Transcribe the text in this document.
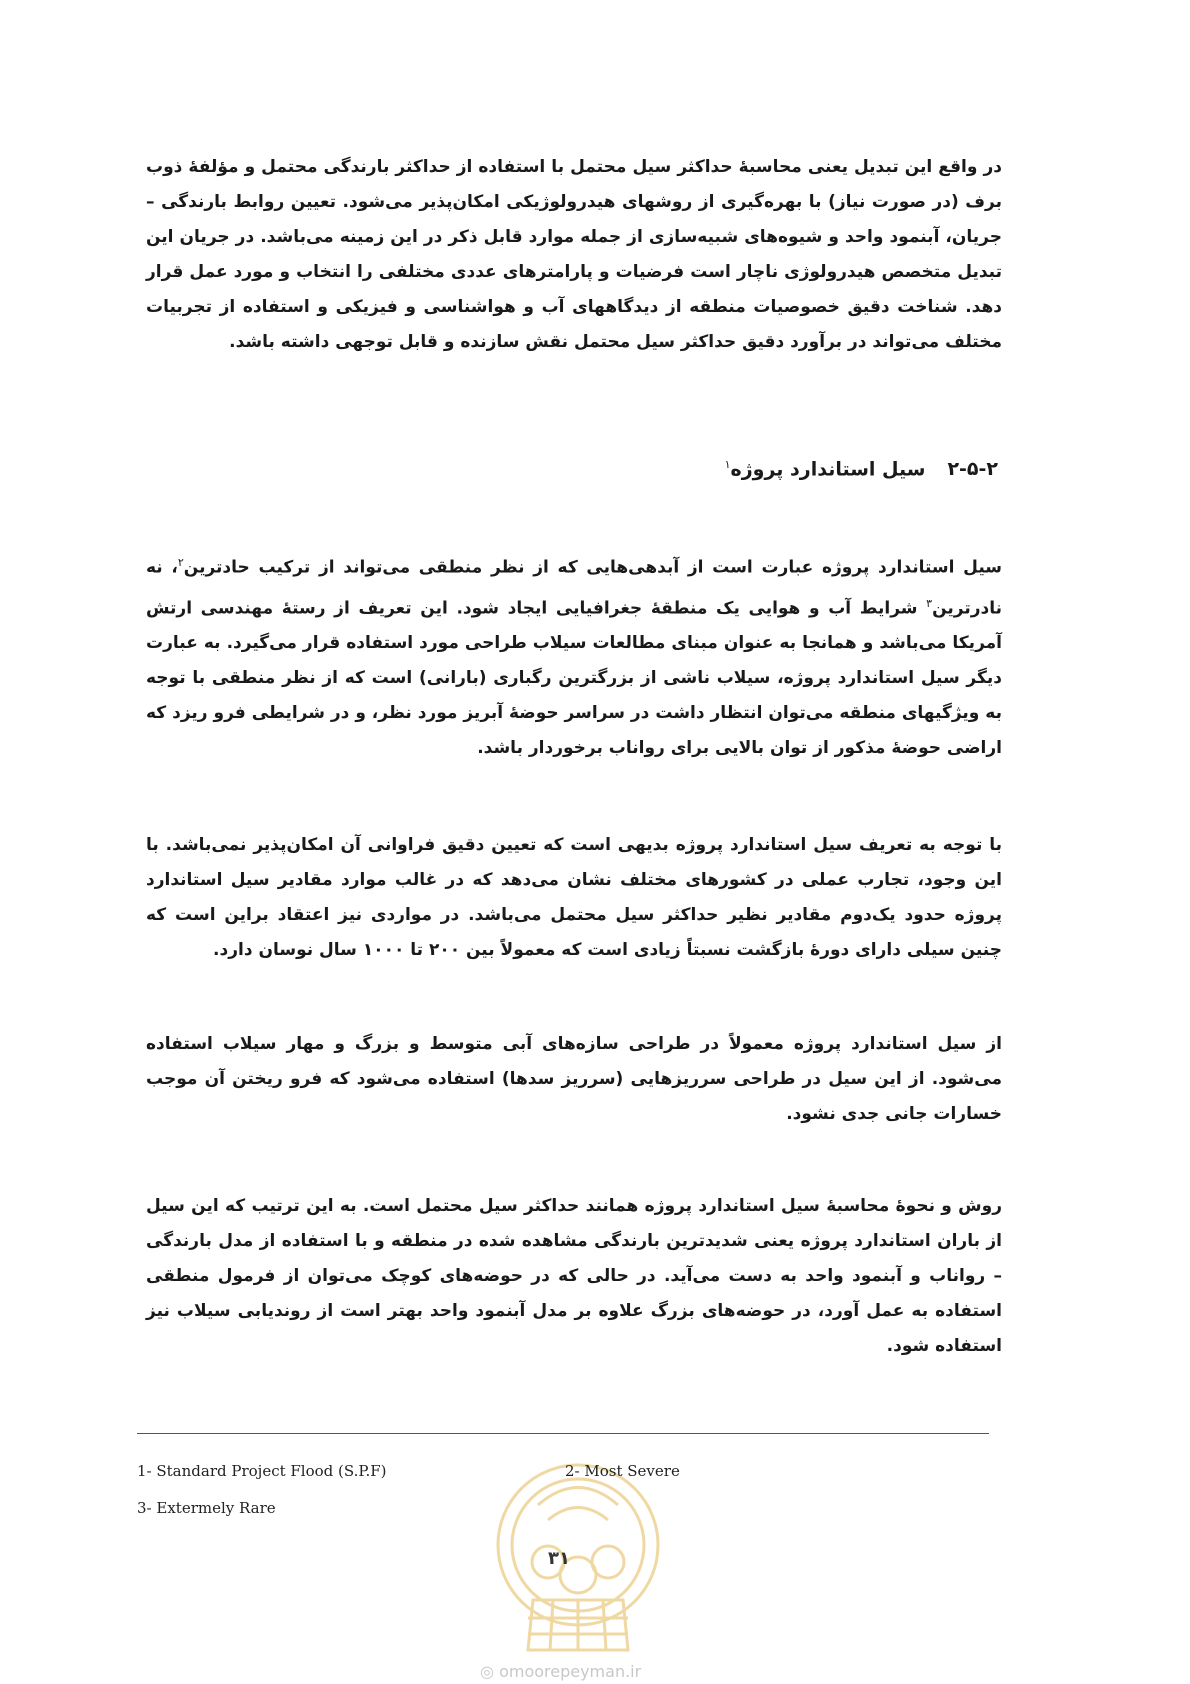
در واقع این تبدیل یعنی محاسبهٔ حداکثر سیل محتمل با استفاده از حداکثر بارندگی محتمل و مؤلفهٔ ذوب برف (در صورت نیاز) با بهره‌گیری از روشهای هیدرولوژیکی امکان‌پذیر می‌شود. تعیین روابط بارندگی – جریان، آبنمود واحد و شیوه‌های شبیه‌سازی از جمله موارد قابل ذکر در این زمینه می‌باشد. در جریان این تبدیل متخصص هیدرولوژی ناچار است فرضیات و پارامترهای عددی مختلفی را انتخاب و مورد عمل قرار دهد. شناخت دقیق خصوصیات منطقه از دیدگاههای آب و هواشناسی و فیزیکی و استفاده از تجربیات مختلف می‌تواند در برآورد دقیق حداکثر سیل محتمل نقش سازنده و قابل توجهی داشته باشد.

۲-۵-۲سیل استاندارد پروژه$^۱$

سیل استاندارد پروژه عبارت است از آبدهی‌هایی که از نظر منطقی می‌تواند از ترکیب حادترین$^۲$، نه نادرترین$^۳$ شرایط آب و هوایی یک منطقهٔ جغرافیایی ایجاد شود. این تعریف از رستهٔ مهندسی ارتش آمریکا می‌باشد و همانجا به عنوان مبنای مطالعات سیلاب طراحی مورد استفاده قرار می‌گیرد. به عبارت دیگر سیل استاندارد پروژه، سیلاب ناشی از بزرگترین رگباری (بارانی) است که از نظر منطقی با توجه به ویژگیهای منطقه می‌توان انتظار داشت در سراسر حوضهٔ آبریز مورد نظر، و در شرایطی فرو ریزد که اراضی حوضهٔ مذکور از توان بالایی برای رواناب برخوردار باشد.

با توجه به تعریف سیل استاندارد پروژه بدیهی است که تعیین دقیق فراوانی آن امکان‌پذیر نمی‌باشد. با این وجود، تجارب عملی در کشورهای مختلف نشان می‌دهد که در غالب موارد مقادیر سیل استاندارد پروژه حدود یک‌دوم مقادیر نظیر حداکثر سیل محتمل می‌باشد. در مواردی نیز اعتقاد براین است که چنین سیلی دارای دورهٔ بازگشت نسبتاً زیادی است که معمولاً بین ۲۰۰ تا ۱۰۰۰ سال نوسان دارد.

از سیل استاندارد پروژه معمولاً در طراحی سازه‌های آبی متوسط و بزرگ و مهار سیلاب استفاده می‌شود. از این سیل در طراحی سرریزهایی (سرریز سدها) استفاده می‌شود که فرو ریختن آن موجب خسارات جانی جدی نشود.

روش و نحوهٔ محاسبهٔ سیل استاندارد پروژه همانند حداکثر سیل محتمل است. به این ترتیب که این سیل از باران استاندارد پروژه یعنی شدیدترین بارندگی مشاهده شده در منطقه و با استفاده از مدل بارندگی – رواناب و آبنمود واحد به دست می‌آید. در حالی که در حوضه‌های کوچک می‌توان از فرمول منطقی استفاده به عمل آورد، در حوضه‌های بزرگ علاوه بر مدل آبنمود واحد بهتر است از روندیابی سیلاب نیز استفاده شود.

1- Standard Project Flood (S.P.F)	2- Most Severe
3- Extermely Rare
۳۱
◎ omoorepeyman.ir
